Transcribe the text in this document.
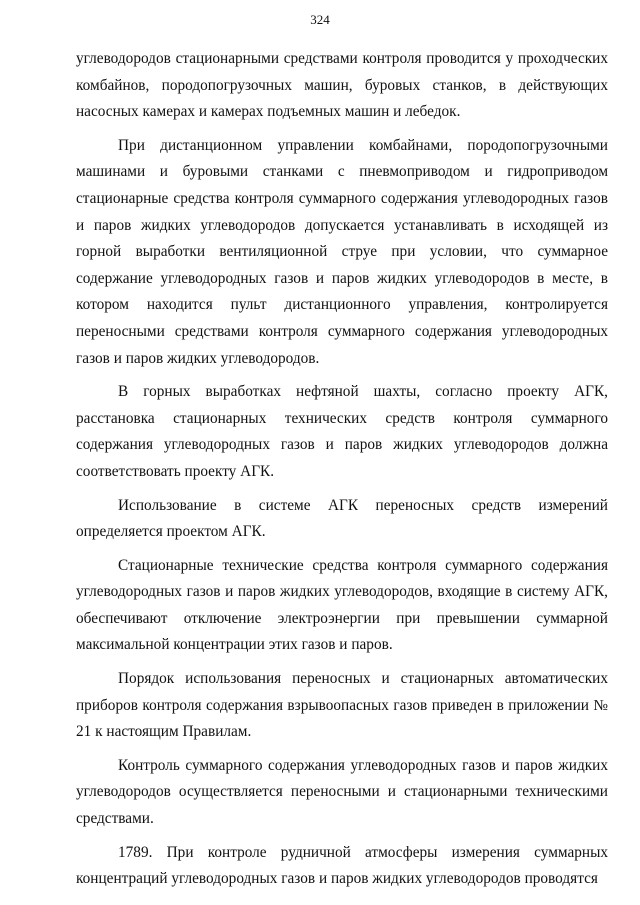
324

углеводородов стационарными средствами контроля проводится у проходческих комбайнов, породопогрузочных машин, буровых станков, в действующих насосных камерах и камерах подъемных машин и лебедок.

При дистанционном управлении комбайнами, породопогрузочными машинами и буровыми станками с пневмоприводом и гидроприводом стационарные средства контроля суммарного содержания углеводородных газов и паров жидких углеводородов допускается устанавливать в исходящей из горной выработки вентиляционной струе при условии, что суммарное содержание углеводородных газов и паров жидких углеводородов в месте, в котором находится пульт дистанционного управления, контролируется переносными средствами контроля суммарного содержания углеводородных газов и паров жидких углеводородов.

В горных выработках нефтяной шахты, согласно проекту АГК, расстановка стационарных технических средств контроля суммарного содержания углеводородных газов и паров жидких углеводородов должна соответствовать проекту АГК.

Использование в системе АГК переносных средств измерений определяется проектом АГК.

Стационарные технические средства контроля суммарного содержания углеводородных газов и паров жидких углеводородов, входящие в систему АГК, обеспечивают отключение электроэнергии при превышении суммарной максимальной концентрации этих газов и паров.

Порядок использования переносных и стационарных автоматических приборов контроля содержания взрывоопасных газов приведен в приложении № 21 к настоящим Правилам.

Контроль суммарного содержания углеводородных газов и паров жидких углеводородов осуществляется переносными и стационарными техническими средствами.

1789. При контроле рудничной атмосферы измерения суммарных концентраций углеводородных газов и паров жидких углеводородов проводятся
